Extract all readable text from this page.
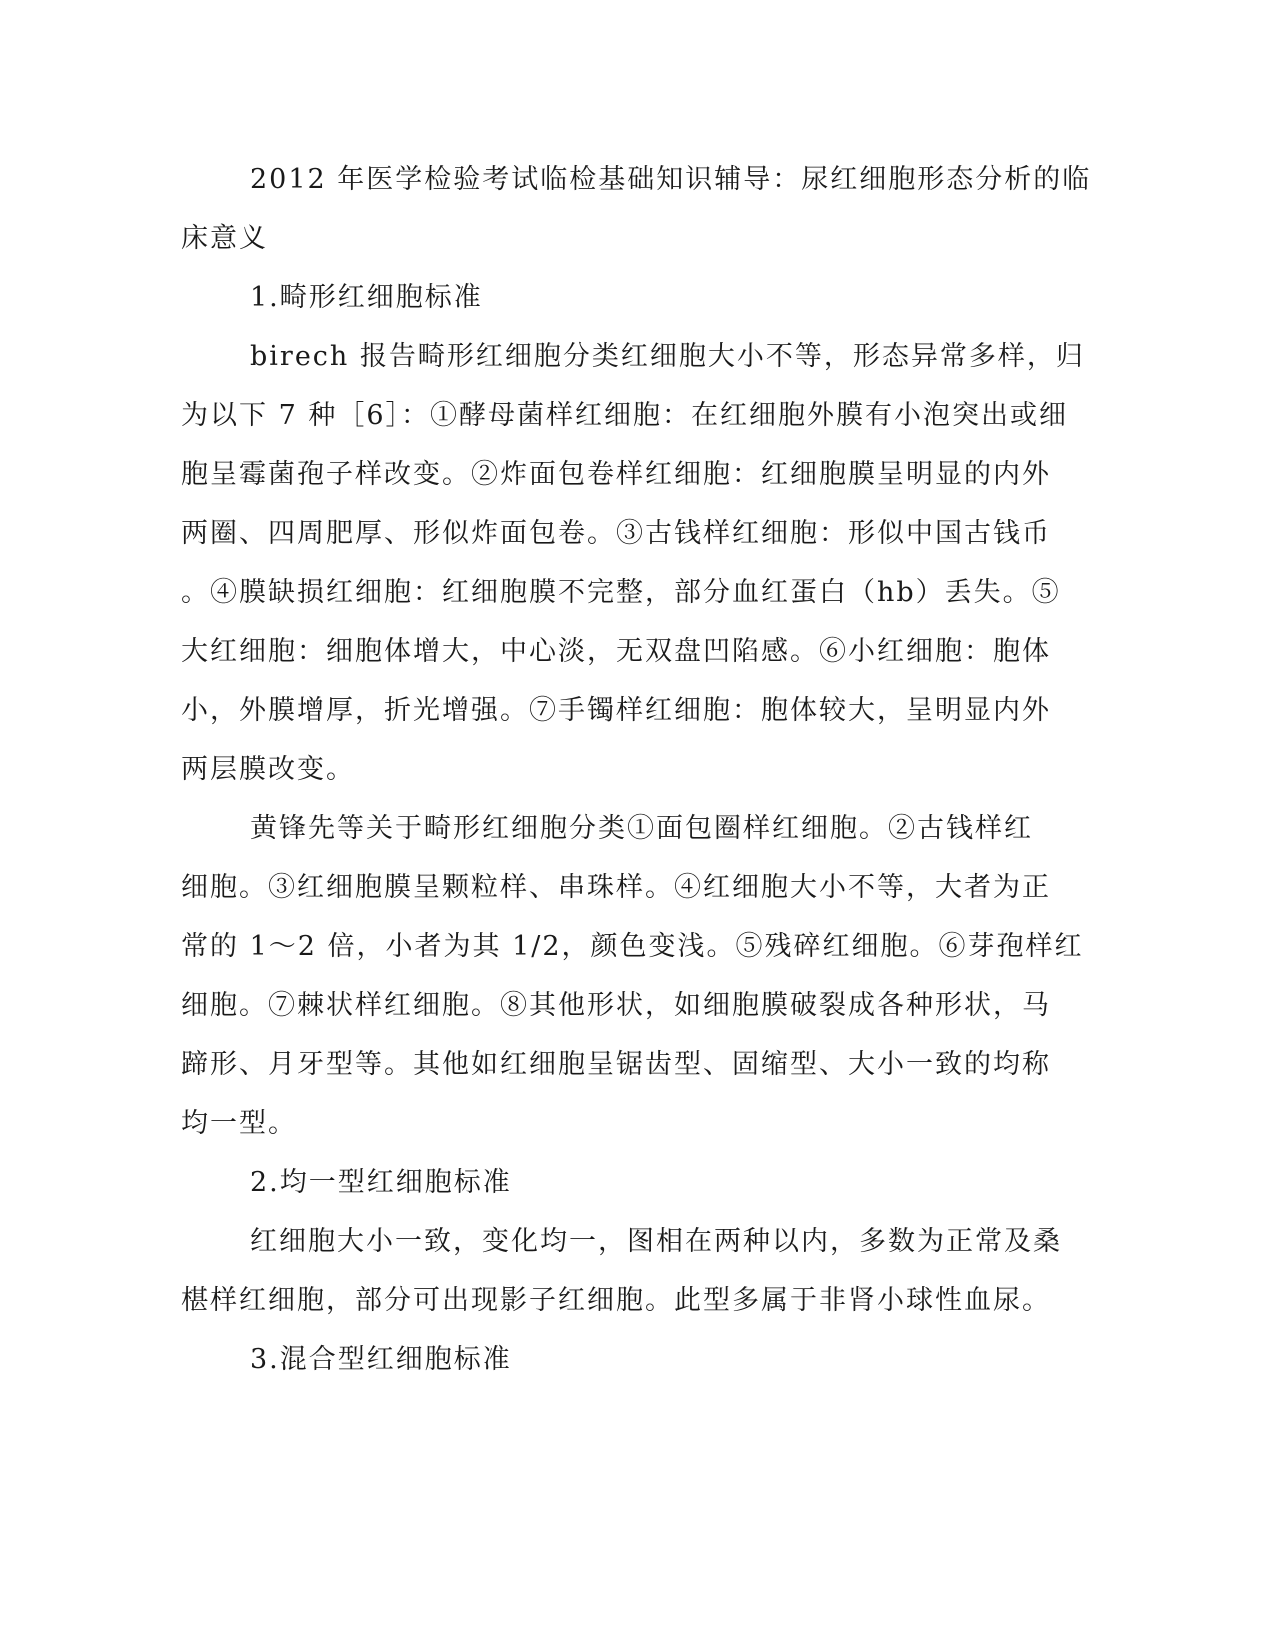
2012 年医学检验考试临检基础知识辅导：尿红细胞形态分析的临
床意义
1.畸形红细胞标准
birech 报告畸形红细胞分类红细胞大小不等，形态异常多样，归
为以下 7 种［6］：①酵母菌样红细胞：在红细胞外膜有小泡突出或细
胞呈霉菌孢子样改变。②炸面包卷样红细胞：红细胞膜呈明显的内外
两圈、四周肥厚、形似炸面包卷。③古钱样红细胞：形似中国古钱币
。④膜缺损红细胞：红细胞膜不完整，部分血红蛋白（hb）丢失。⑤
大红细胞：细胞体增大，中心淡，无双盘凹陷感。⑥小红细胞：胞体
小，外膜增厚，折光增强。⑦手镯样红细胞：胞体较大，呈明显内外
两层膜改变。
黄锋先等关于畸形红细胞分类①面包圈样红细胞。②古钱样红
细胞。③红细胞膜呈颗粒样、串珠样。④红细胞大小不等，大者为正
常的 1～2 倍，小者为其 1/2，颜色变浅。⑤残碎红细胞。⑥芽孢样红
细胞。⑦棘状样红细胞。⑧其他形状，如细胞膜破裂成各种形状，马
蹄形、月牙型等。其他如红细胞呈锯齿型、固缩型、大小一致的均称
均一型。
2.均一型红细胞标准
红细胞大小一致，变化均一，图相在两种以内，多数为正常及桑
椹样红细胞，部分可出现影子红细胞。此型多属于非肾小球性血尿。
3.混合型红细胞标准
